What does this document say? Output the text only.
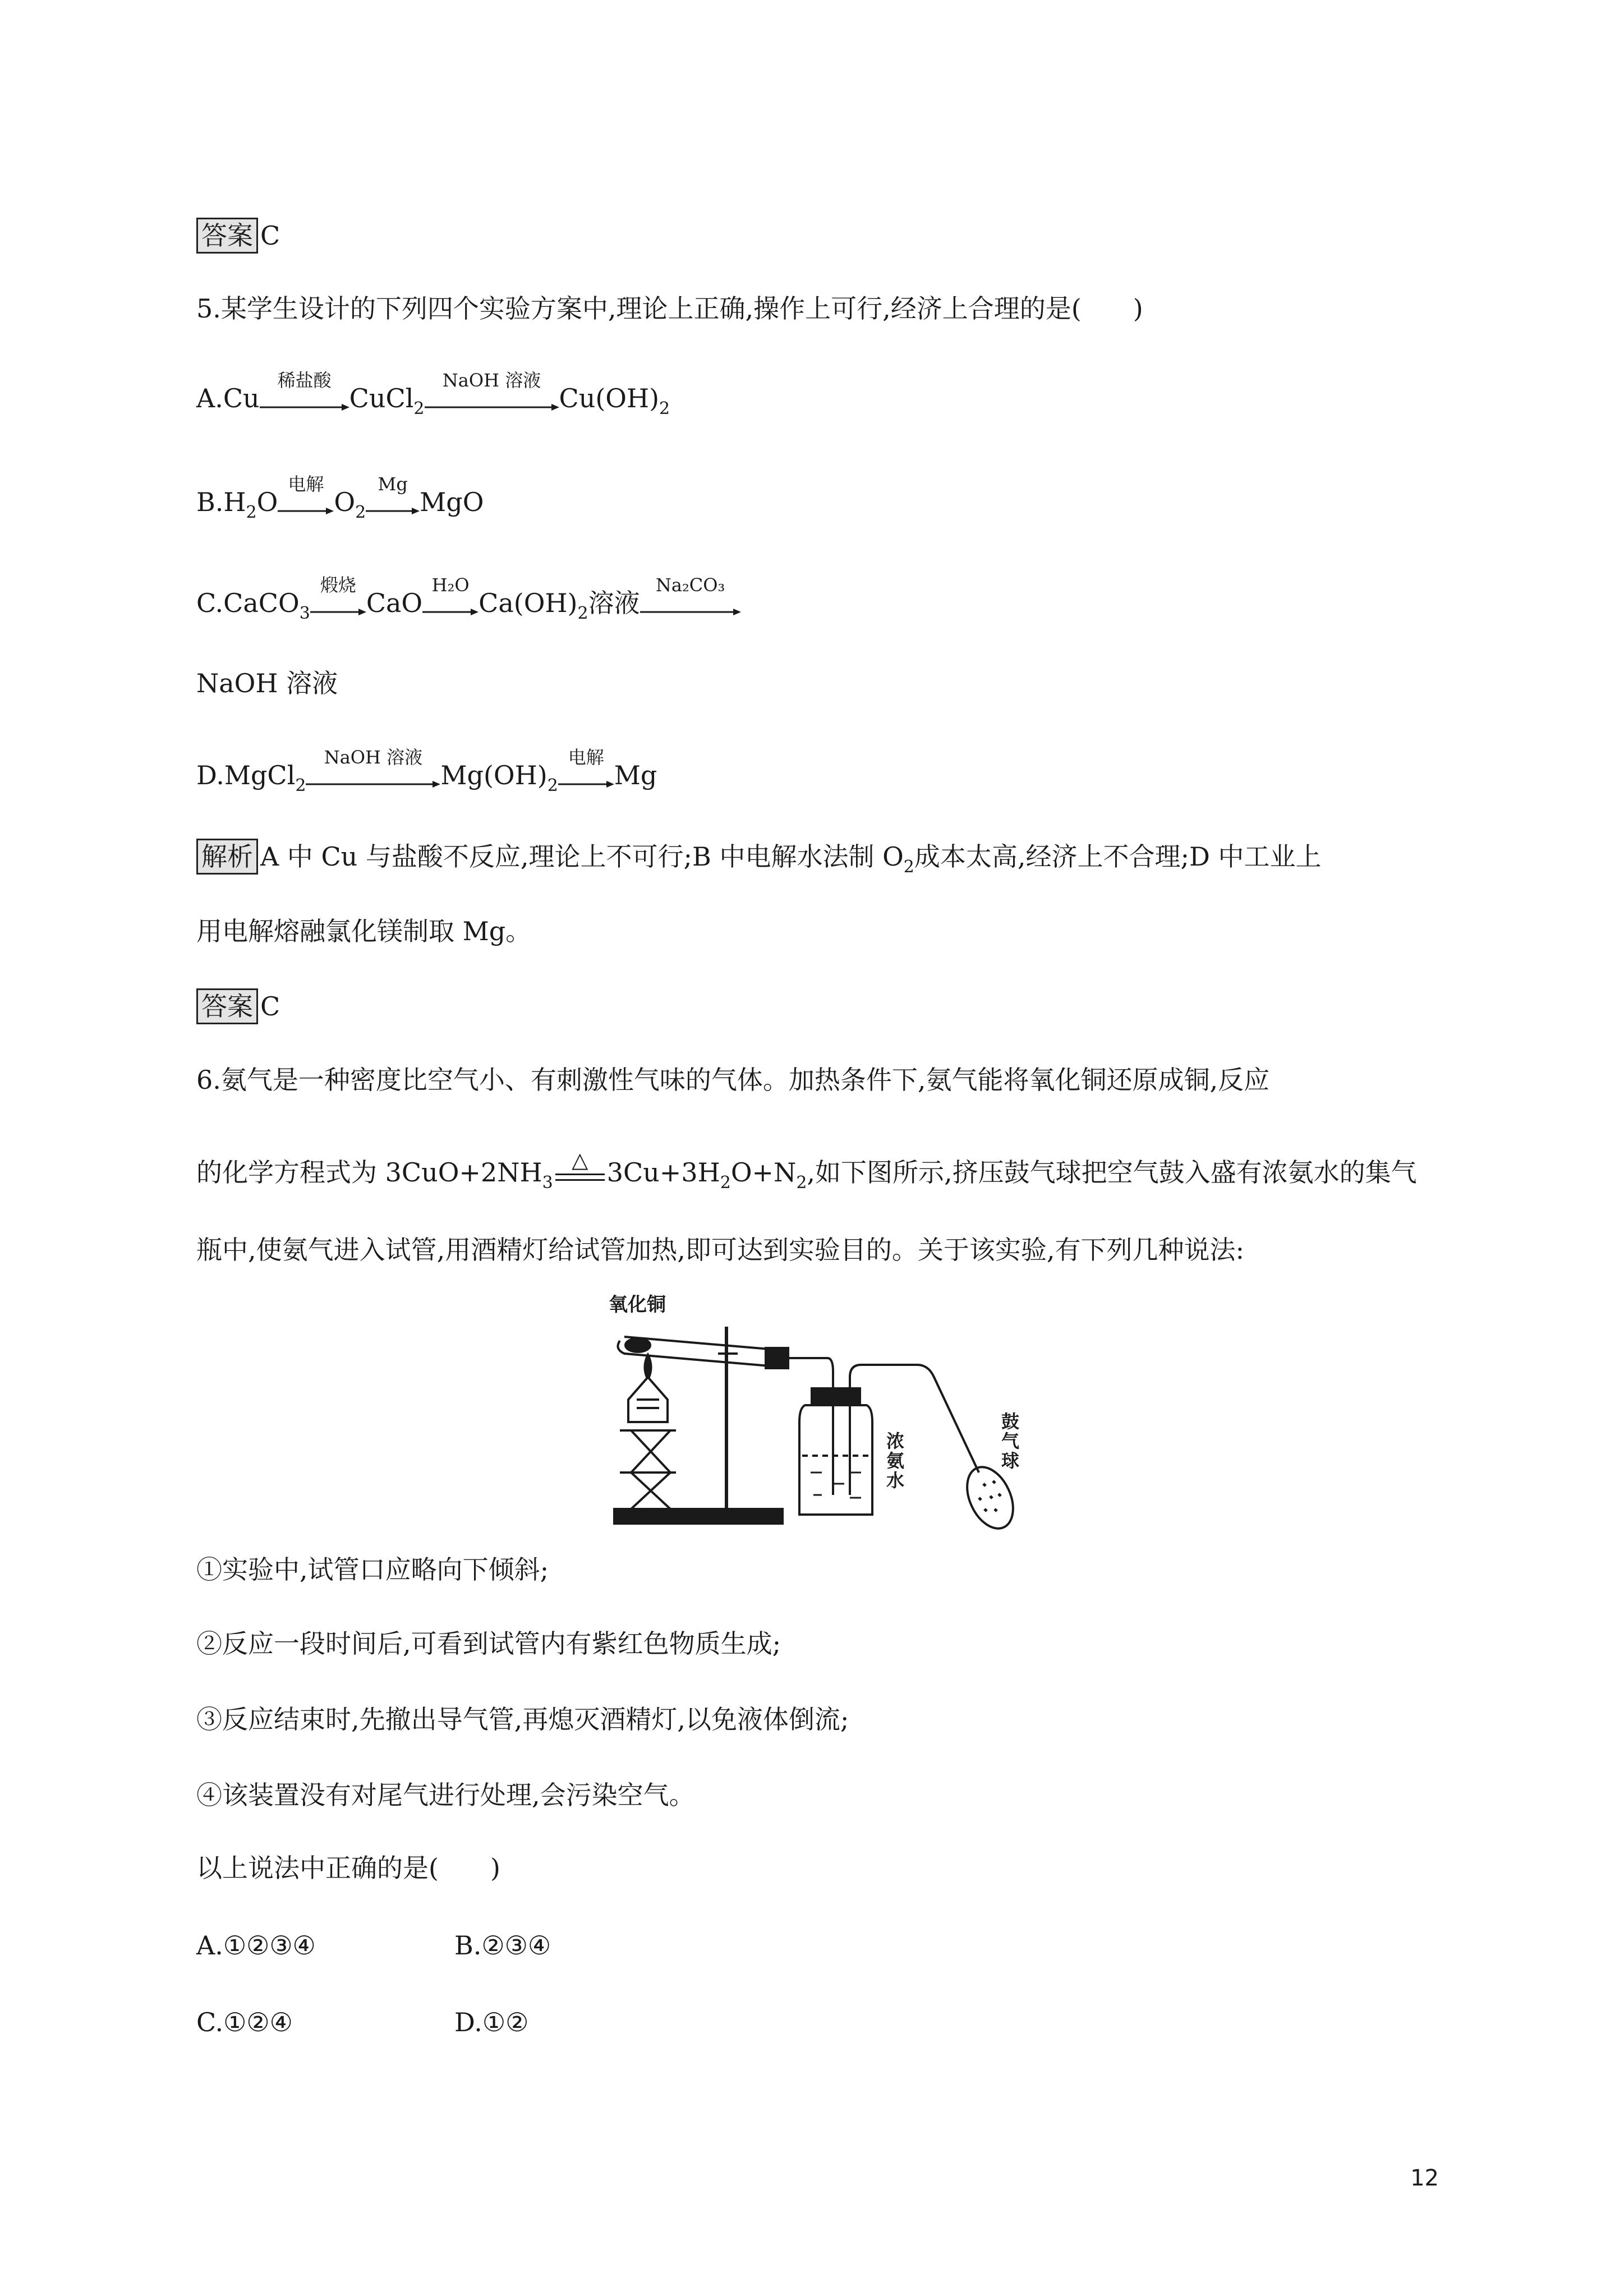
答案 C
5.某学生设计的下列四个实验方案中,理论上正确,操作上可行,经济上合理的是(　　)
A.Cu
稀盐酸
CuCl$_2$
NaOH 溶液
$Cu(OH)_2$
$B.H_2O$
电解
$O_2$
Mg
MgO
C.CaCO$_3$
煅烧
CaO
H₂O
$Ca(OH)_2$溶液
Na₂CO₃
NaOH 溶液
D.MgCl$_2$
NaOH 溶液
$Mg(OH)_2$
电解
Mg
解析 A 中 Cu 与盐酸不反应,理论上不可行;B 中电解水法制 $O_2$成本太高,经济上不合理;D 中工业上
用电解熔融氯化镁制取 Mg。
答案 C
6.氨气是一种密度比空气小、有刺激性气味的气体。加热条件下,氨气能将氧化铜还原成铜,反应
的化学方程式为 $3CuO+2NH_3$
△ $3Cu+3H_2O+N_2$,如下图所示,挤压鼓气球把空气鼓入盛有浓氨水的集气
瓶中,使氨气进入试管,用酒精灯给试管加热,即可达到实验目的。关于该实验,有下列几种说法:
氧化铜
浓
氨
水
鼓
气
球
①实验中,试管口应略向下倾斜;
②反应一段时间后,可看到试管内有紫红色物质生成;
③反应结束时,先撤出导气管,再熄灭酒精灯,以免液体倒流;
④该装置没有对尾气进行处理,会污染空气。
以上说法中正确的是(　　)
A.①②③④	B.②③④
C.①②④	D.①②
12
